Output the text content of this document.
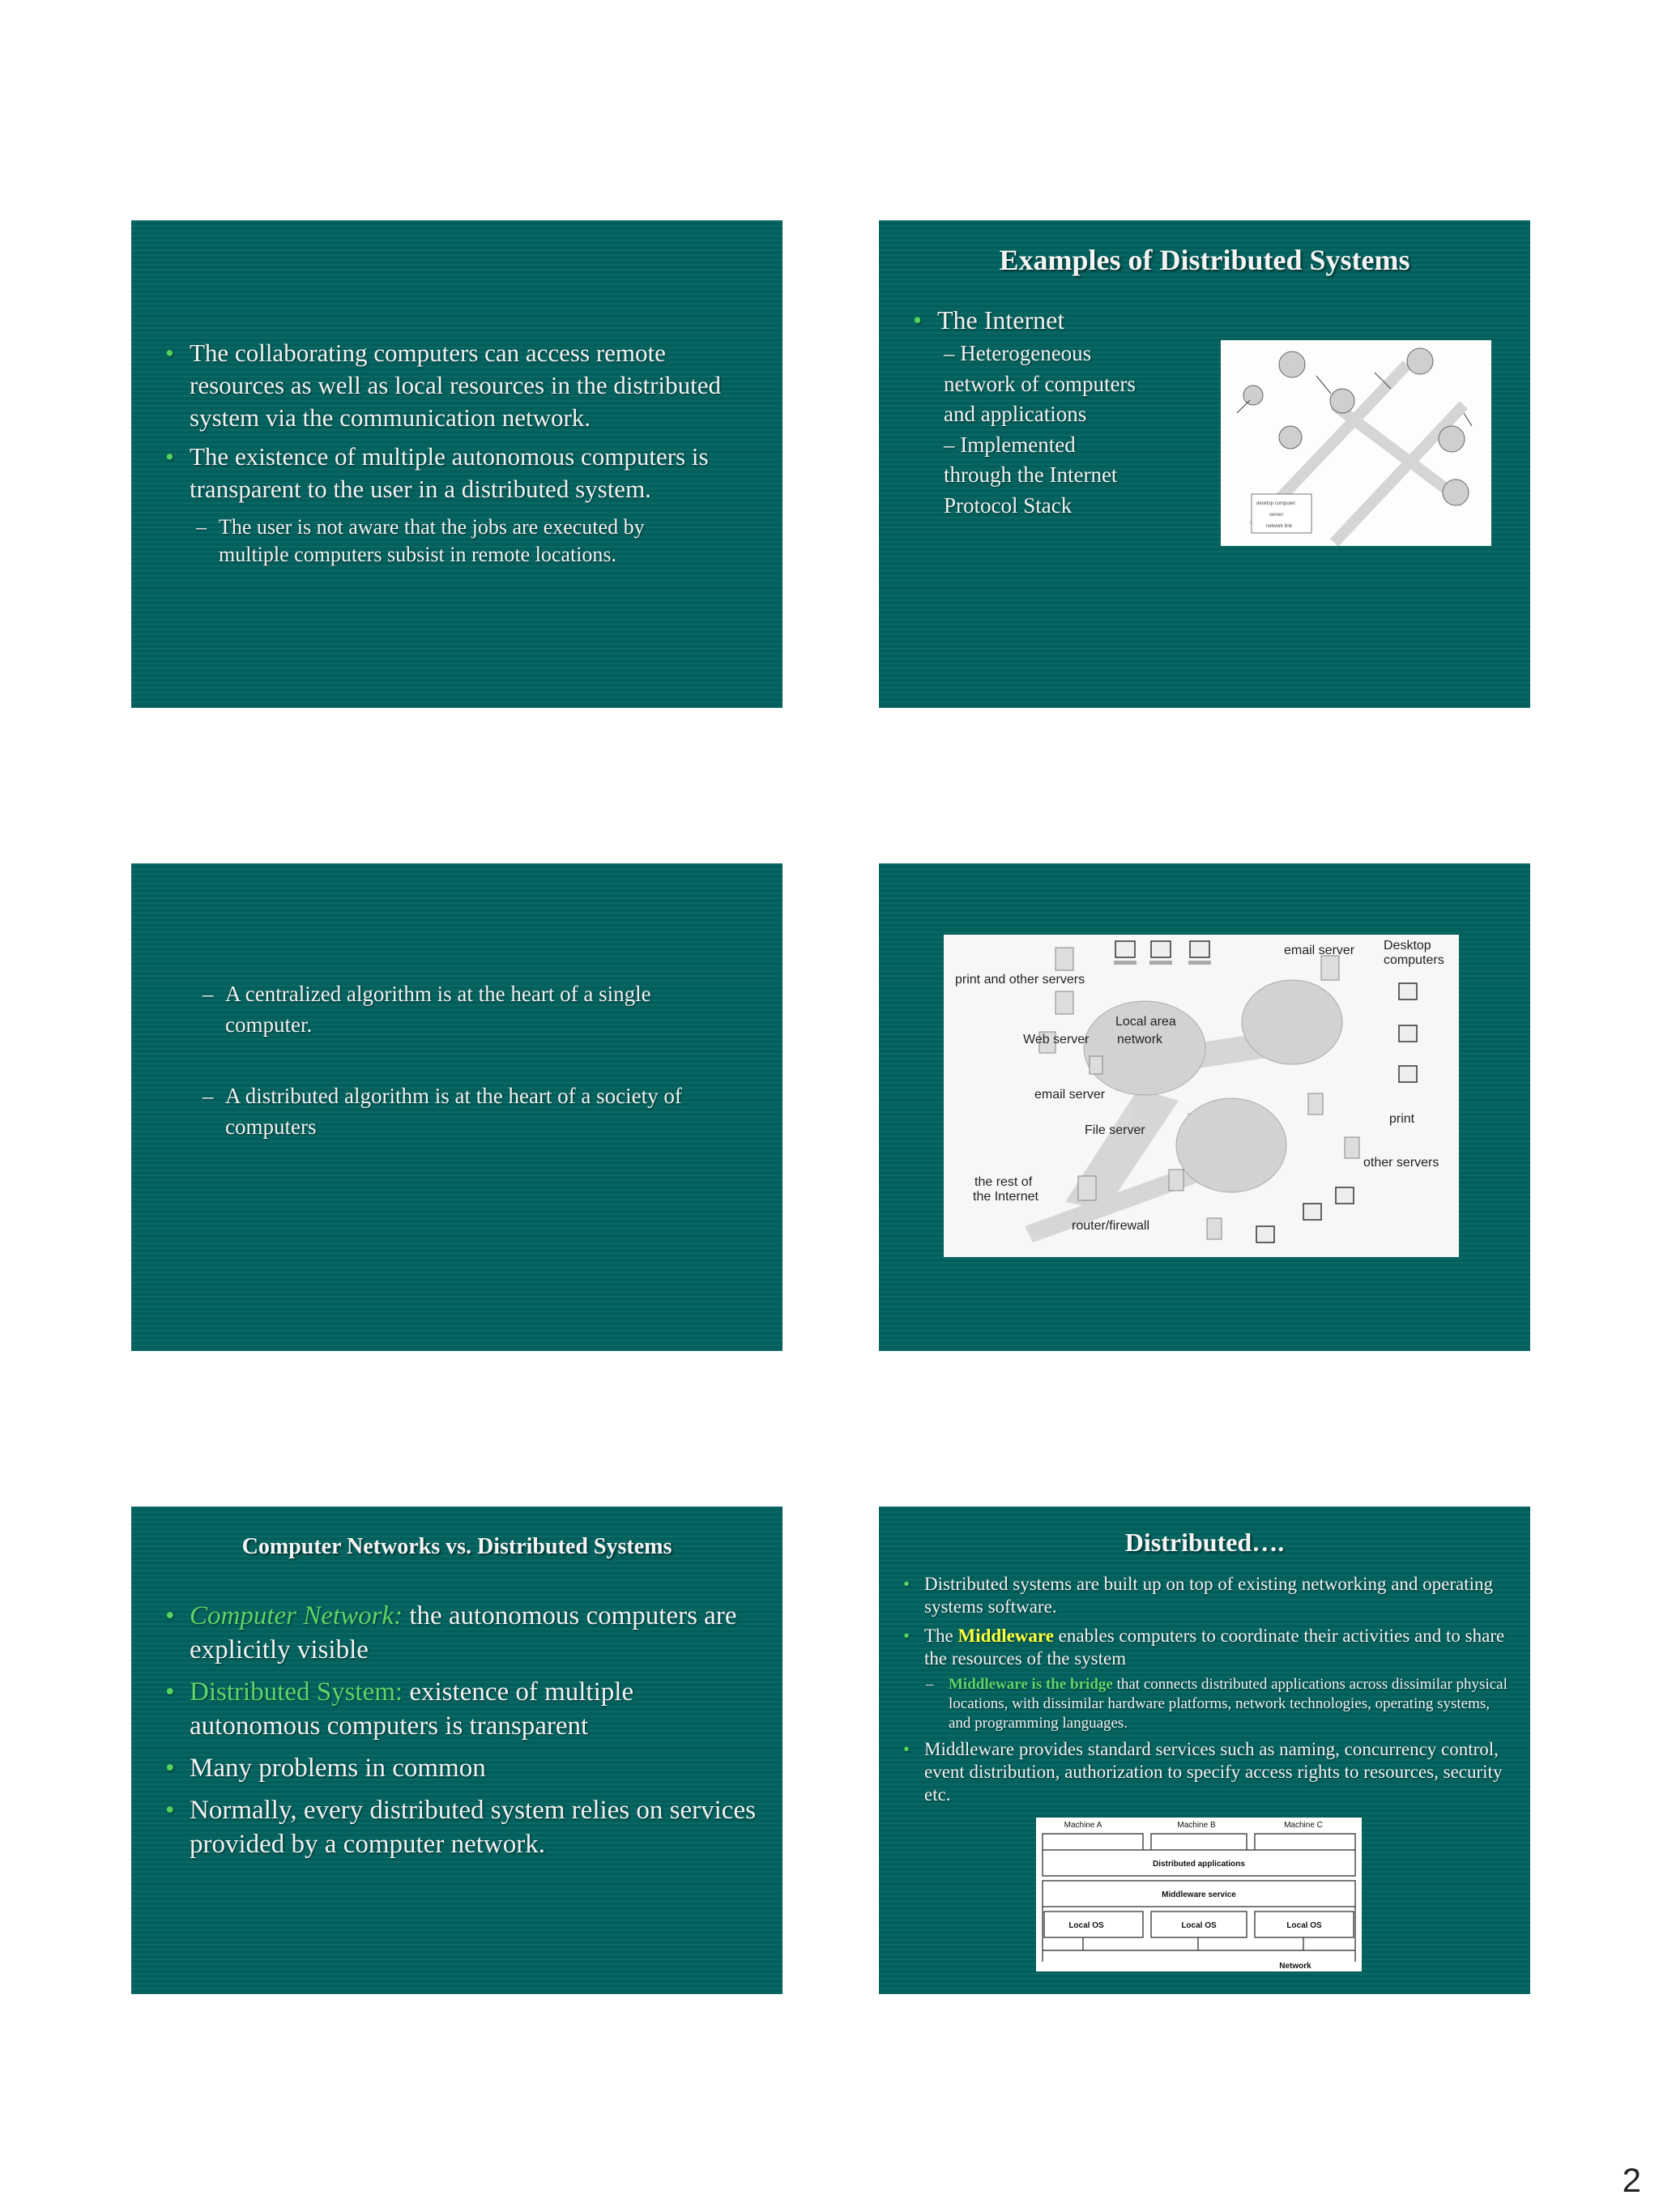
• The collaborating computers can access remote resources as well as local resources in the distributed system via the communication network.
• The existence of multiple autonomous computers is transparent to the user in a distributed system.
– The user is not aware that the jobs are executed by multiple computers subsist in remote locations.
Examples of Distributed Systems
• The Internet
– Heterogeneous
network of computers
and applications
– Implemented
through the Internet
Protocol Stack	desktop computer:
server:
network link:
– A centralized algorithm is at the heart of a single computer.
– A distributed algorithm is at the heart of a society of computers
print and other servers
Web server
email server
File server
Local area
network
email server Desktop
computers
print
other servers
the rest of
the Internet
router/firewall
Computer Networks vs. Distributed Systems
• Computer Network: the autonomous computers are explicitly visible
• Distributed System: existence of multiple autonomous computers is transparent
• Many problems in common
• Normally, every distributed system relies on services provided by a computer network.
Distributed….
• Distributed systems are built up on top of existing networking and operating systems software.
• The Middleware enables computers to coordinate their activities and to share the resources of the system
– Middleware is the bridge that connects distributed applications across dissimilar physical locations, with dissimilar hardware platforms, network technologies, operating systems, and programming languages.
• Middleware provides standard services such as naming, concurrency control, event distribution, authorization to specify access rights to resources, security etc.
Machine A	Machine B	Machine C
Distributed applications
Middleware service
Local OS	Local OS	Local OS
Network
2
